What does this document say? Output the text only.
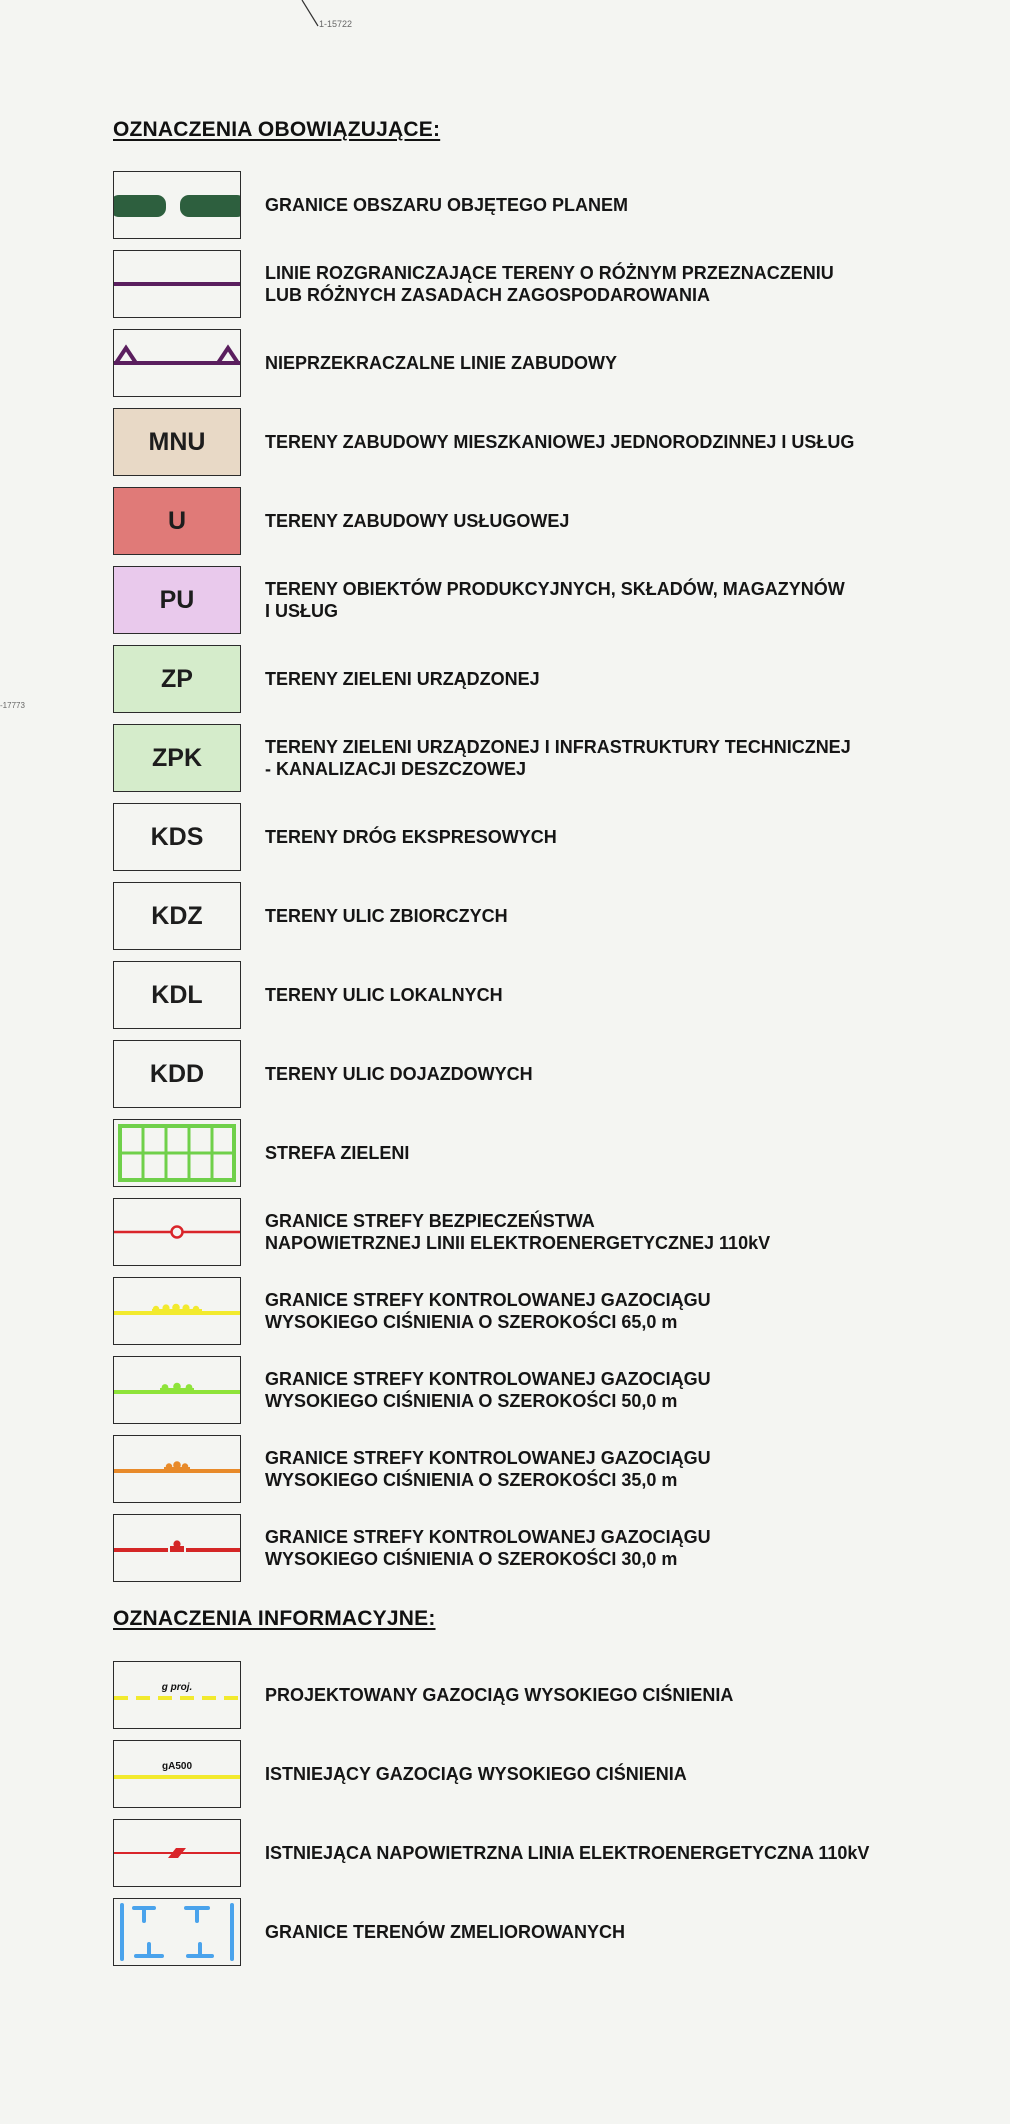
1-15722
-17773
OZNACZENIA OBOWIĄZUJĄCE:
GRANICE OBSZARU OBJĘTEGO PLANEM
LINIE ROZGRANICZAJĄCE TERENY O RÓŻNYM PRZEZNACZENIU
LUB RÓŻNYCH ZASADACH ZAGOSPODAROWANIA
NIEPRZEKRACZALNE LINIE ZABUDOWY
MNU	TERENY ZABUDOWY MIESZKANIOWEJ JEDNORODZINNEJ I USŁUG
U	TERENY ZABUDOWY USŁUGOWEJ
PU	TERENY OBIEKTÓW PRODUKCYJNYCH, SKŁADÓW, MAGAZYNÓW
I USŁUG
ZP	TERENY ZIELENI URZĄDZONEJ
ZPK	TERENY ZIELENI URZĄDZONEJ I INFRASTRUKTURY TECHNICZNEJ
- KANALIZACJI DESZCZOWEJ
KDS	TERENY DRÓG EKSPRESOWYCH
KDZ	TERENY ULIC ZBIORCZYCH
KDL	TERENY ULIC LOKALNYCH
KDD	TERENY ULIC DOJAZDOWYCH
STREFA ZIELENI
GRANICE STREFY BEZPIECZEŃSTWA
NAPOWIETRZNEJ LINII ELEKTROENERGETYCZNEJ 110kV
GRANICE STREFY KONTROLOWANEJ GAZOCIĄGU
WYSOKIEGO CIŚNIENIA O SZEROKOŚCI 65,0 m
GRANICE STREFY KONTROLOWANEJ GAZOCIĄGU
WYSOKIEGO CIŚNIENIA O SZEROKOŚCI 50,0 m
GRANICE STREFY KONTROLOWANEJ GAZOCIĄGU
WYSOKIEGO CIŚNIENIA O SZEROKOŚCI 35,0 m
GRANICE STREFY KONTROLOWANEJ GAZOCIĄGU
WYSOKIEGO CIŚNIENIA O SZEROKOŚCI 30,0 m
OZNACZENIA INFORMACYJNE:
g proj.	PROJEKTOWANY GAZOCIĄG WYSOKIEGO CIŚNIENIA
gA500	ISTNIEJĄCY GAZOCIĄG WYSOKIEGO CIŚNIENIA
ISTNIEJĄCA NAPOWIETRZNA LINIA ELEKTROENERGETYCZNA 110kV
GRANICE TERENÓW ZMELIOROWANYCH
